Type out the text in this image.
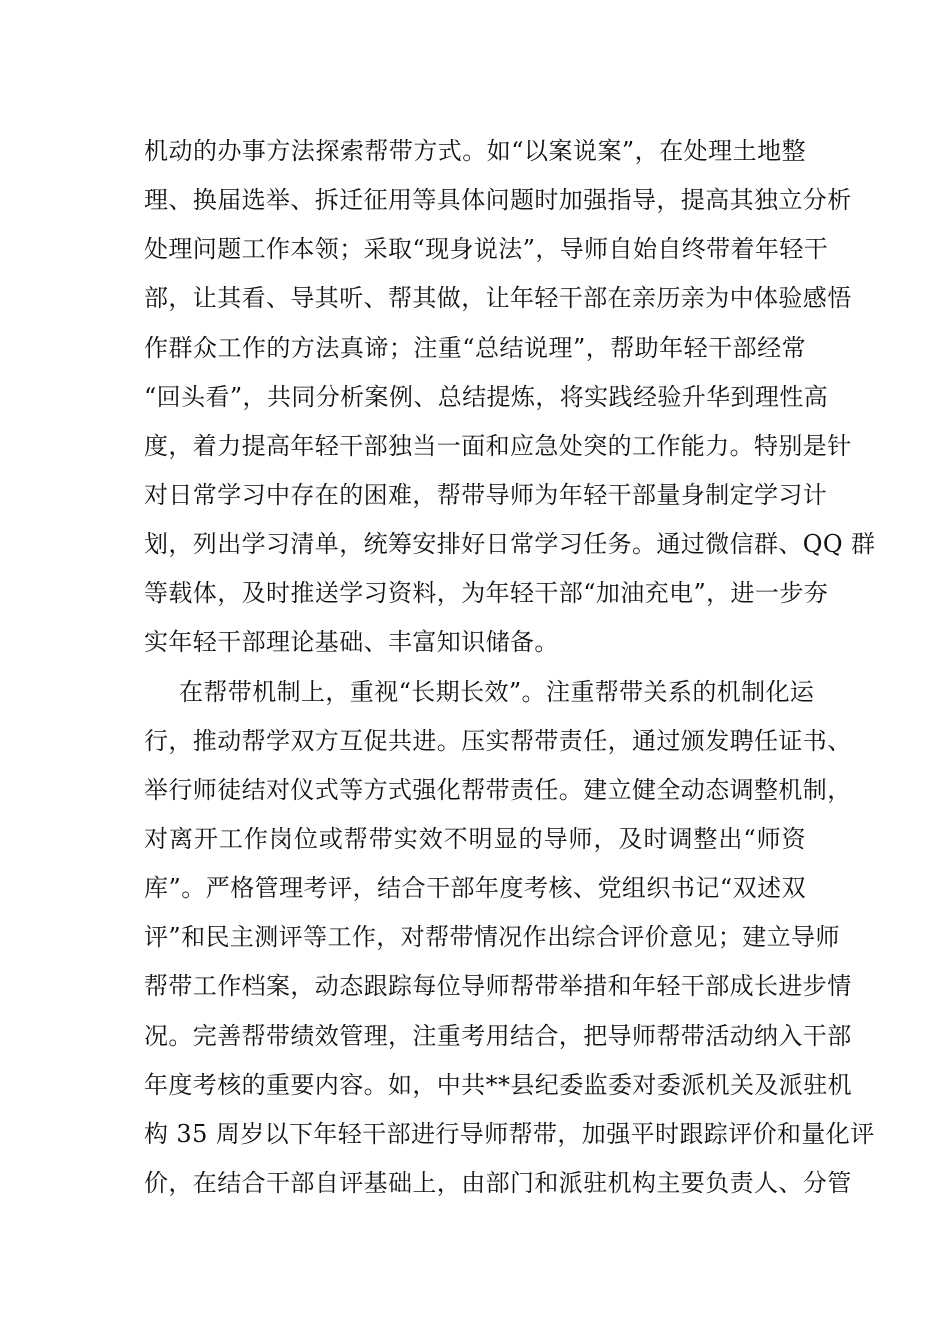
机动的办事方法探索帮带方式。如“以案说案”，在处理土地整
理、换届选举、拆迁征用等具体问题时加强指导，提高其独立分析
处理问题工作本领；采取“现身说法”，导师自始自终带着年轻干
部，让其看、导其听、帮其做，让年轻干部在亲历亲为中体验感悟
作群众工作的方法真谛；注重“总结说理”，帮助年轻干部经常
“回头看”，共同分析案例、总结提炼，将实践经验升华到理性高
度，着力提高年轻干部独当一面和应急处突的工作能力。特别是针
对日常学习中存在的困难，帮带导师为年轻干部量身制定学习计
划，列出学习清单，统筹安排好日常学习任务。通过微信群、QQ 群
等载体，及时推送学习资料，为年轻干部“加油充电”，进一步夯
实年轻干部理论基础、丰富知识储备。
在帮带机制上，重视“长期长效”。注重帮带关系的机制化运
行，推动帮学双方互促共进。压实帮带责任，通过颁发聘任证书、
举行师徒结对仪式等方式强化帮带责任。建立健全动态调整机制，
对离开工作岗位或帮带实效不明显的导师，及时调整出“师资
库”。严格管理考评，结合干部年度考核、党组织书记“双述双
评”和民主测评等工作，对帮带情况作出综合评价意见；建立导师
帮带工作档案，动态跟踪每位导师帮带举措和年轻干部成长进步情
况。完善帮带绩效管理，注重考用结合，把导师帮带活动纳入干部
年度考核的重要内容。如，中共**县纪委监委对委派机关及派驻机
构 35 周岁以下年轻干部进行导师帮带，加强平时跟踪评价和量化评
价，在结合干部自评基础上，由部门和派驻机构主要负责人、分管
